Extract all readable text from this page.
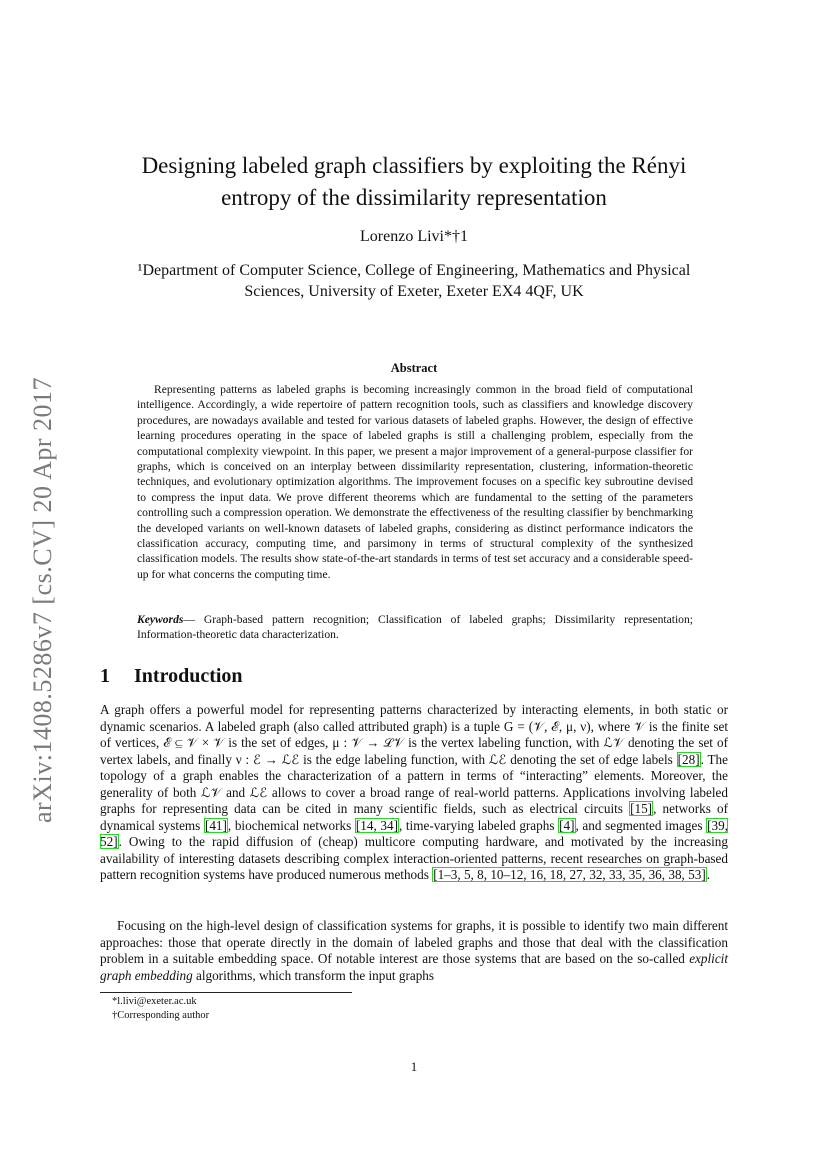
arXiv:1408.5286v7 [cs.CV] 20 Apr 2017
Designing labeled graph classifiers by exploiting the Rényi
entropy of the dissimilarity representation
Lorenzo Livi*†1
¹Department of Computer Science, College of Engineering, Mathematics and Physical
Sciences, University of Exeter, Exeter EX4 4QF, UK
Abstract
Representing patterns as labeled graphs is becoming increasingly common in the broad field of computational intelligence. Accordingly, a wide repertoire of pattern recognition tools, such as classifiers and knowledge discovery procedures, are nowadays available and tested for various datasets of labeled graphs. However, the design of effective learning procedures operating in the space of labeled graphs is still a challenging problem, especially from the computational complexity viewpoint. In this paper, we present a major improvement of a general-purpose classifier for graphs, which is conceived on an interplay between dissimilarity representation, clustering, information-theoretic techniques, and evolutionary optimization algorithms. The improvement focuses on a specific key subroutine devised to compress the input data. We prove different theorems which are fundamental to the setting of the parameters controlling such a compression operation. We demonstrate the effectiveness of the resulting classifier by benchmarking the developed variants on well-known datasets of labeled graphs, considering as distinct performance indicators the classification accuracy, computing time, and parsimony in terms of structural complexity of the synthesized classification models. The results show state-of-the-art standards in terms of test set accuracy and a considerable speed-up for what concerns the computing time.
Keywords— Graph-based pattern recognition; Classification of labeled graphs; Dissimilarity representation; Information-theoretic data characterization.
1 Introduction
A graph offers a powerful model for representing patterns characterized by interacting elements, in both static or dynamic scenarios. A labeled graph (also called attributed graph) is a tuple G = (𝒱, ℰ, μ, ν), where 𝒱 is the finite set of vertices, ℰ ⊆ 𝒱 × 𝒱 is the set of edges, μ : 𝒱 → ℒ𝒱 is the vertex labeling function, with ℒ𝒱 denoting the set of vertex labels, and finally ν : ℰ → ℒℰ is the edge labeling function, with ℒℰ denoting the set of edge labels [28]. The topology of a graph enables the characterization of a pattern in terms of “interacting” elements. Moreover, the generality of both ℒ𝒱 and ℒℰ allows to cover a broad range of real-world patterns. Applications involving labeled graphs for representing data can be cited in many scientific fields, such as electrical circuits [15], networks of dynamical systems [41], biochemical networks [14, 34], time-varying labeled graphs [4], and segmented images [39, 52]. Owing to the rapid diffusion of (cheap) multicore computing hardware, and motivated by the increasing availability of interesting datasets describing complex interaction-oriented patterns, recent researches on graph-based pattern recognition systems have produced numerous methods [1–3, 5, 8, 10–12, 16, 18, 27, 32, 33, 35, 36, 38, 53].
Focusing on the high-level design of classification systems for graphs, it is possible to identify two main different approaches: those that operate directly in the domain of labeled graphs and those that deal with the classification problem in a suitable embedding space. Of notable interest are those systems that are based on the so-called explicit graph embedding algorithms, which transform the input graphs
*l.livi@exeter.ac.uk
†Corresponding author
1
